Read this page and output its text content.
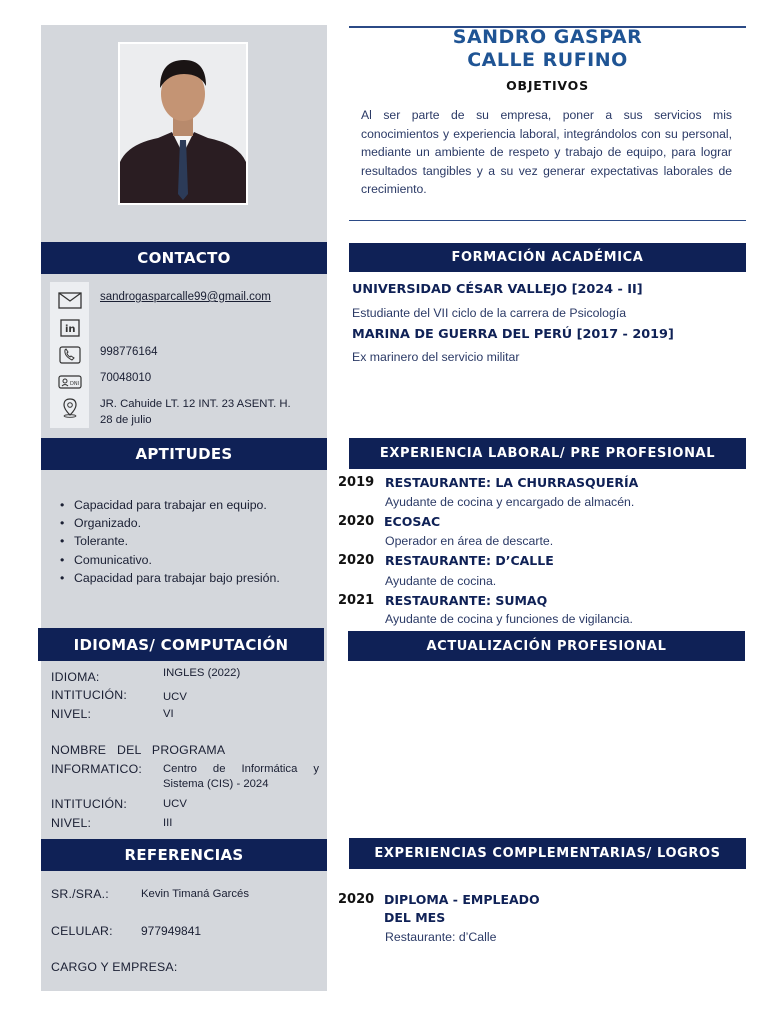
CONTACTO
in
DNI
sandrogasparcalle99@gmail.com
998776164
70048010
JR. Cahuide LT. 12 INT. 23 ASENT. H.
28 de julio
APTITUDES
• Capacidad para trabajar en equipo.
• Organizado.
• Tolerante.
• Comunicativo.
• Capacidad para trabajar bajo presión.
IDIOMAS/ COMPUTACIÓN
IDIOMA:	INGLES (2022)
INTITUCIÓN:	UCV
NIVEL:	VI
NOMBRE   DEL   PROGRAMA
INFORMATICO: Centro de Informática y
Sistema (CIS) - 2024
INTITUCIÓN:	UCV
NIVEL:	III
REFERENCIAS
SR./SRA.:	Kevin Timaná Garcés
CELULAR: 977949841
CARGO Y EMPRESA:
SANDRO GASPAR
CALLE RUFINO
OBJETIVOS
Al ser parte de su empresa, poner a sus servicios mis conocimientos y experiencia laboral, integrándolos con su personal, mediante un ambiente de respeto y trabajo de equipo, para lograr resultados tangibles y a su vez generar expectativas laborales de crecimiento.
FORMACIÓN ACADÉMICA
UNIVERSIDAD CÉSAR VALLEJO [2024 - II]
Estudiante del VII ciclo de la carrera de Psicología
MARINA DE GUERRA DEL PERÚ [2017 - 2019]
Ex marinero del servicio militar
EXPERIENCIA LABORAL/ PRE PROFESIONAL
2019 RESTAURANTE: LA CHURRASQUERÍA
Ayudante de cocina y encargado de almacén.
2020 ECOSAC
Operador en área de descarte.
2020 RESTAURANTE: D’CALLE
Ayudante de cocina.
2021 RESTAURANTE: SUMAQ
Ayudante de cocina y funciones de vigilancia.
ACTUALIZACIÓN PROFESIONAL
EXPERIENCIAS COMPLEMENTARIAS/ LOGROS
2020 DIPLOMA - EMPLEADO
DEL MES
Restaurante: d’Calle
